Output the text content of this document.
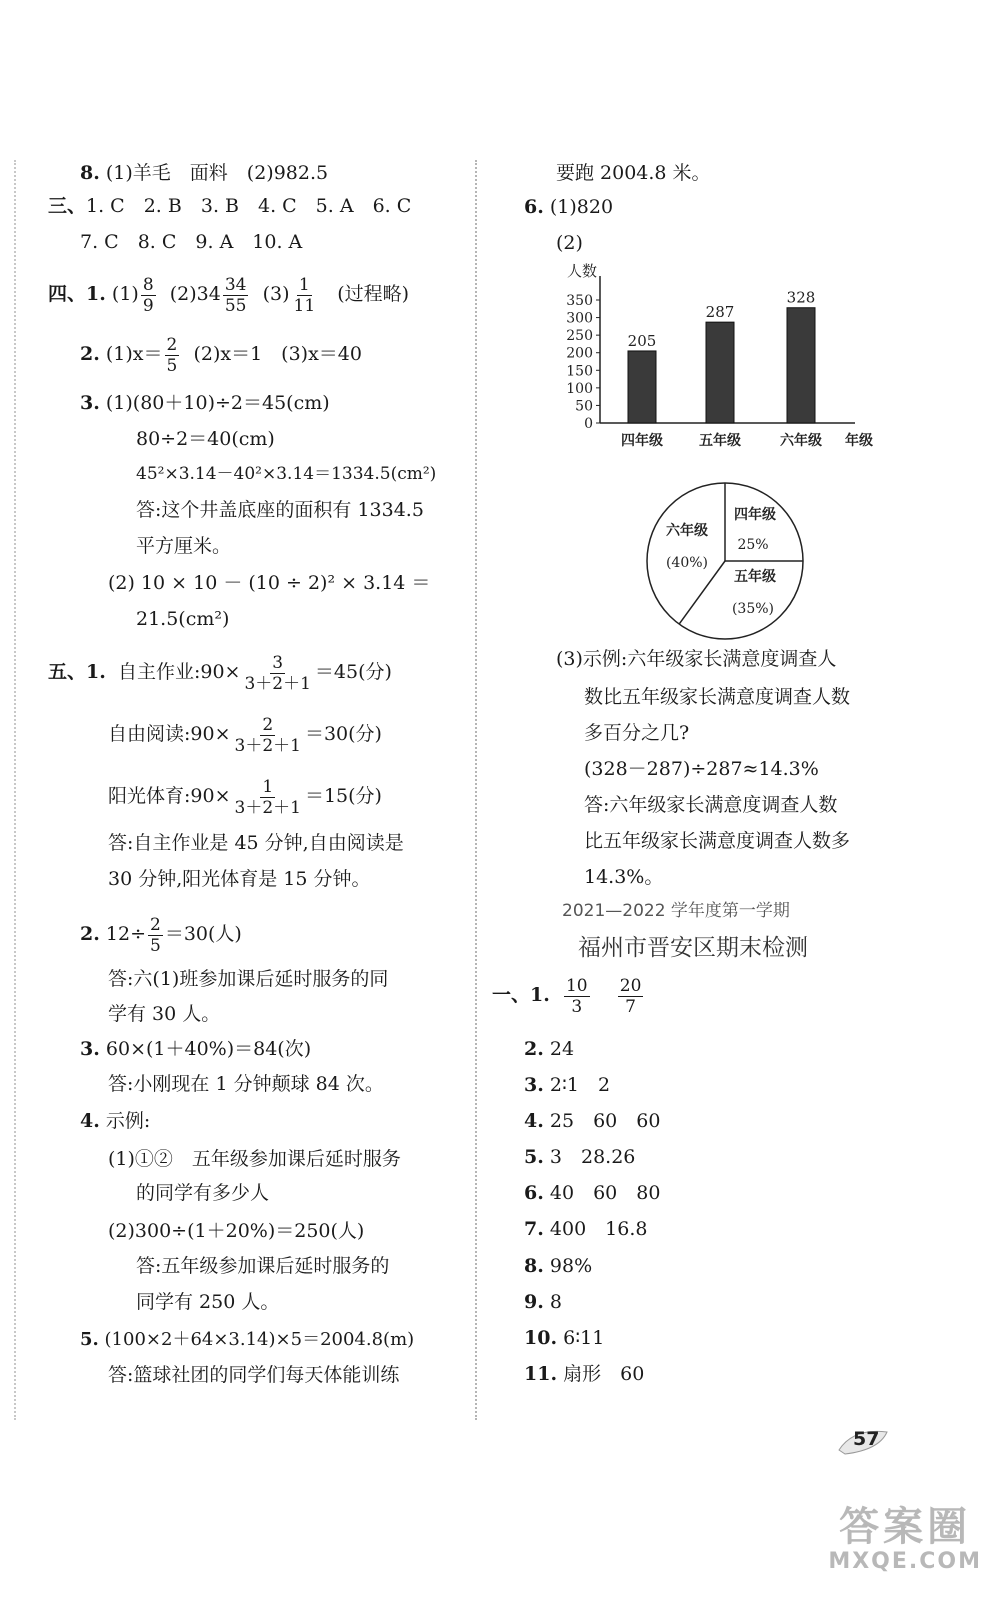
8. (1)羊毛　面料　(2)982.5
三、1. C　2. B　3. B　4. C　5. A　6. C
7. C　8. C　9. A　10. A
四、1. $(1) \frac{8}{9} (2)34 \frac{34}{55} (3) \frac{1}{11}$ (过程略)
2. $(1)x= \frac{2}{5} (2)x=1$　(3)x＝40
3. (1)(80＋10)÷2＝45(cm)
80÷2＝40(cm)
45²×3.14－40²×3.14＝1334.5(cm²)
答:这个井盖底座的面积有 1334.5
平方厘米。
(2) 10 × 10 － (10 ÷ 2)² × 3.14 ＝
21.5(cm²)
五、1. 自主作业:90× $\frac{3}{3+2+1} =45$(分)
自由阅读:90× $\frac{2}{3+2+1} =30$(分)
阳光体育:90× $\frac{1}{3+2+1} =15$(分)
答:自主作业是 45 分钟,自由阅读是
30 分钟,阳光体育是 15 分钟。
2. $12\div \frac{2}{5} =30$(人)
答:六(1)班参加课后延时服务的同
学有 30 人。
3. 60×(1＋40%)＝84(次)
答:小刚现在 1 分钟颠球 84 次。
4. 示例:
(1)①②　五年级参加课后延时服务
的同学有多少人
(2)300÷(1＋20%)＝250(人)
答:五年级参加课后延时服务的
同学有 250 人。
5. (100×2＋64×3.14)×5＝2004.8(m)
答:篮球社团的同学们每天体能训练
要跑 2004.8 米。
6. (1)820
(2)
人数
0
50
100
150
200
250
300
350
205
四年级
287
五年级
328
六年级 年级
四年级
25%
五年级
(35%)
六年级
(40%)
(3)示例:六年级家长满意度调查人
数比五年级家长满意度调查人数
多百分之几?
(328－287)÷287≈14.3%
答:六年级家长满意度调查人数
比五年级家长满意度调查人数多
14.3%。
2021—2022 学年度第一学期
福州市晋安区期末检测
一、1. $\frac{10}{3}$
$\frac{20}{7}$
2. 24
3. 2∶1　2
4. 25　60　60
5. 3　28.26
6. 40　60　80
7. 400　16.8
8. 98%
9. 8
10. 6∶11
11. 扇形　60
57
答案圈
MXQE.COM
